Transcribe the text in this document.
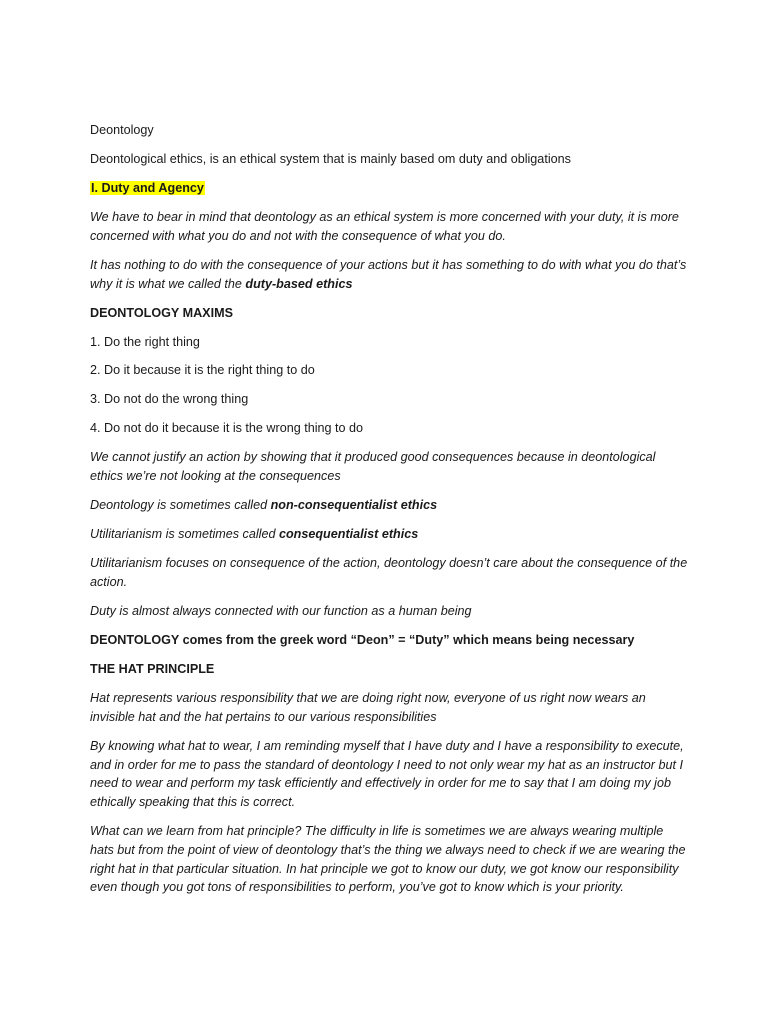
Deontology

Deontological ethics, is an ethical system that is mainly based om duty and obligations

I. Duty and Agency

We have to bear in mind that deontology as an ethical system is more concerned with your duty, it is more concerned with what you do and not with the consequence of what you do.

It has nothing to do with the consequence of your actions but it has something to do with what you do that’s why it is what we called the duty-based ethics

DEONTOLOGY MAXIMS

1. Do the right thing

2. Do it because it is the right thing to do

3. Do not do the wrong thing

4. Do not do it because it is the wrong thing to do

We cannot justify an action by showing that it produced good consequences because in deontological ethics we’re not looking at the consequences

Deontology is sometimes called non-consequentialist ethics

Utilitarianism is sometimes called consequentialist ethics

Utilitarianism focuses on consequence of the action, deontology doesn’t care about the consequence of the action.

Duty is almost always connected with our function as a human being

DEONTOLOGY comes from the greek word “Deon” = “Duty” which means being necessary

THE HAT PRINCIPLE

Hat represents various responsibility that we are doing right now, everyone of us right now wears an invisible hat and the hat pertains to our various responsibilities

By knowing what hat to wear, I am reminding myself that I have duty and I have a responsibility to execute, and in order for me to pass the standard of deontology I need to not only wear my hat as an instructor but I need to wear and perform my task efficiently and effectively in order for me to say that I am doing my job ethically speaking that this is correct.

What can we learn from hat principle? The difficulty in life is sometimes we are always wearing multiple hats but from the point of view of deontology that’s the thing we always need to check if we are wearing the right hat in that particular situation. In hat principle we got to know our duty, we got know our responsibility even though you got tons of responsibilities to perform, you’ve got to know which is your priority.
